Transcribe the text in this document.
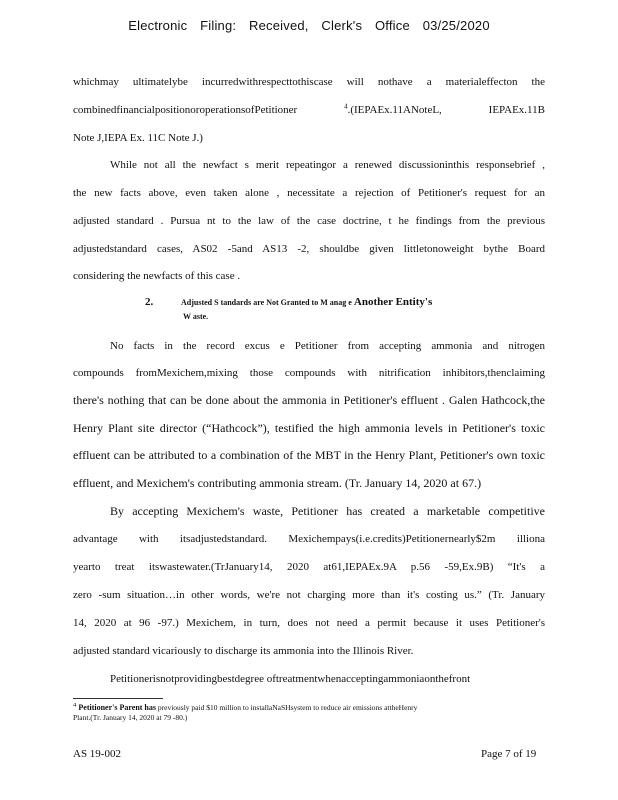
Electronic Filing: Received, Clerk's Office 03/25/2020
whichmay ultimatelybe incurredwithrespecttothiscase will nothave a materialeffecton the
combinedfinancialpositionoroperationsofPetitioner	$^4$.(IEPAEx.11ANoteL, IEPAEx.11B
Note J,IEPA Ex. 11C Note J.)
While not all the newfact s merit repeatingor a renewed discussioninthis responsebrief ,
the new facts above, even taken alone , necessitate a rejection of Petitioner's request for an
adjusted standard . Pursua nt to the law of the case doctrine, t he findings from the previous
adjustedstandard cases, AS02 -5and AS13 -2, shouldbe given littletonoweight bythe Board
considering the newfacts of this case .
2.	Adjusted S tandards are Not Granted to M anag e Another Entity's
W aste.
No facts in the record excus e Petitioner from accepting ammonia and nitrogen
compounds fromMexichem,mixing those compounds with nitrification inhibitors,thenclaiming
there's nothing that can be done about the ammonia in Petitioner's effluent . Galen Hathcock,the
Henry Plant site director (“Hathcock”), testified the high ammonia levels in Petitioner's toxic
effluent can be attributed to a combination of the MBT in the Henry Plant, Petitioner's own toxic
effluent, and Mexichem's contributing ammonia stream. (Tr. January 14, 2020 at 67.)
By accepting Mexichem's waste, Petitioner has created a marketable competitive
advantage with itsadjustedstandard. Mexichempays(i.e.credits)Petitionernearly$2m illiona
yearto treat itswastewater.(TrJanuary14, 2020 at61,IEPAEx.9A p.56 -59,Ex.9B) “It's a
zero -sum situation…in other words, we're not charging more than it's costing us.” (Tr. January
14, 2020 at 96 -97.) Mexichem, in turn, does not need a permit because it uses Petitioner's
adjusted standard vicariously to discharge its ammonia into the Illinois River.
Petitionerisnotprovidingbestdegree oftreatmentwhenacceptingammoniaonthefront
$^4$ Petitioner's Parent has previously paid $10 million to installaNaSHsystem to reduce air emissions attheHenry
Plant.(Tr. January 14, 2020 at 79 -80.)
AS 19-002	Page 7 of 19
